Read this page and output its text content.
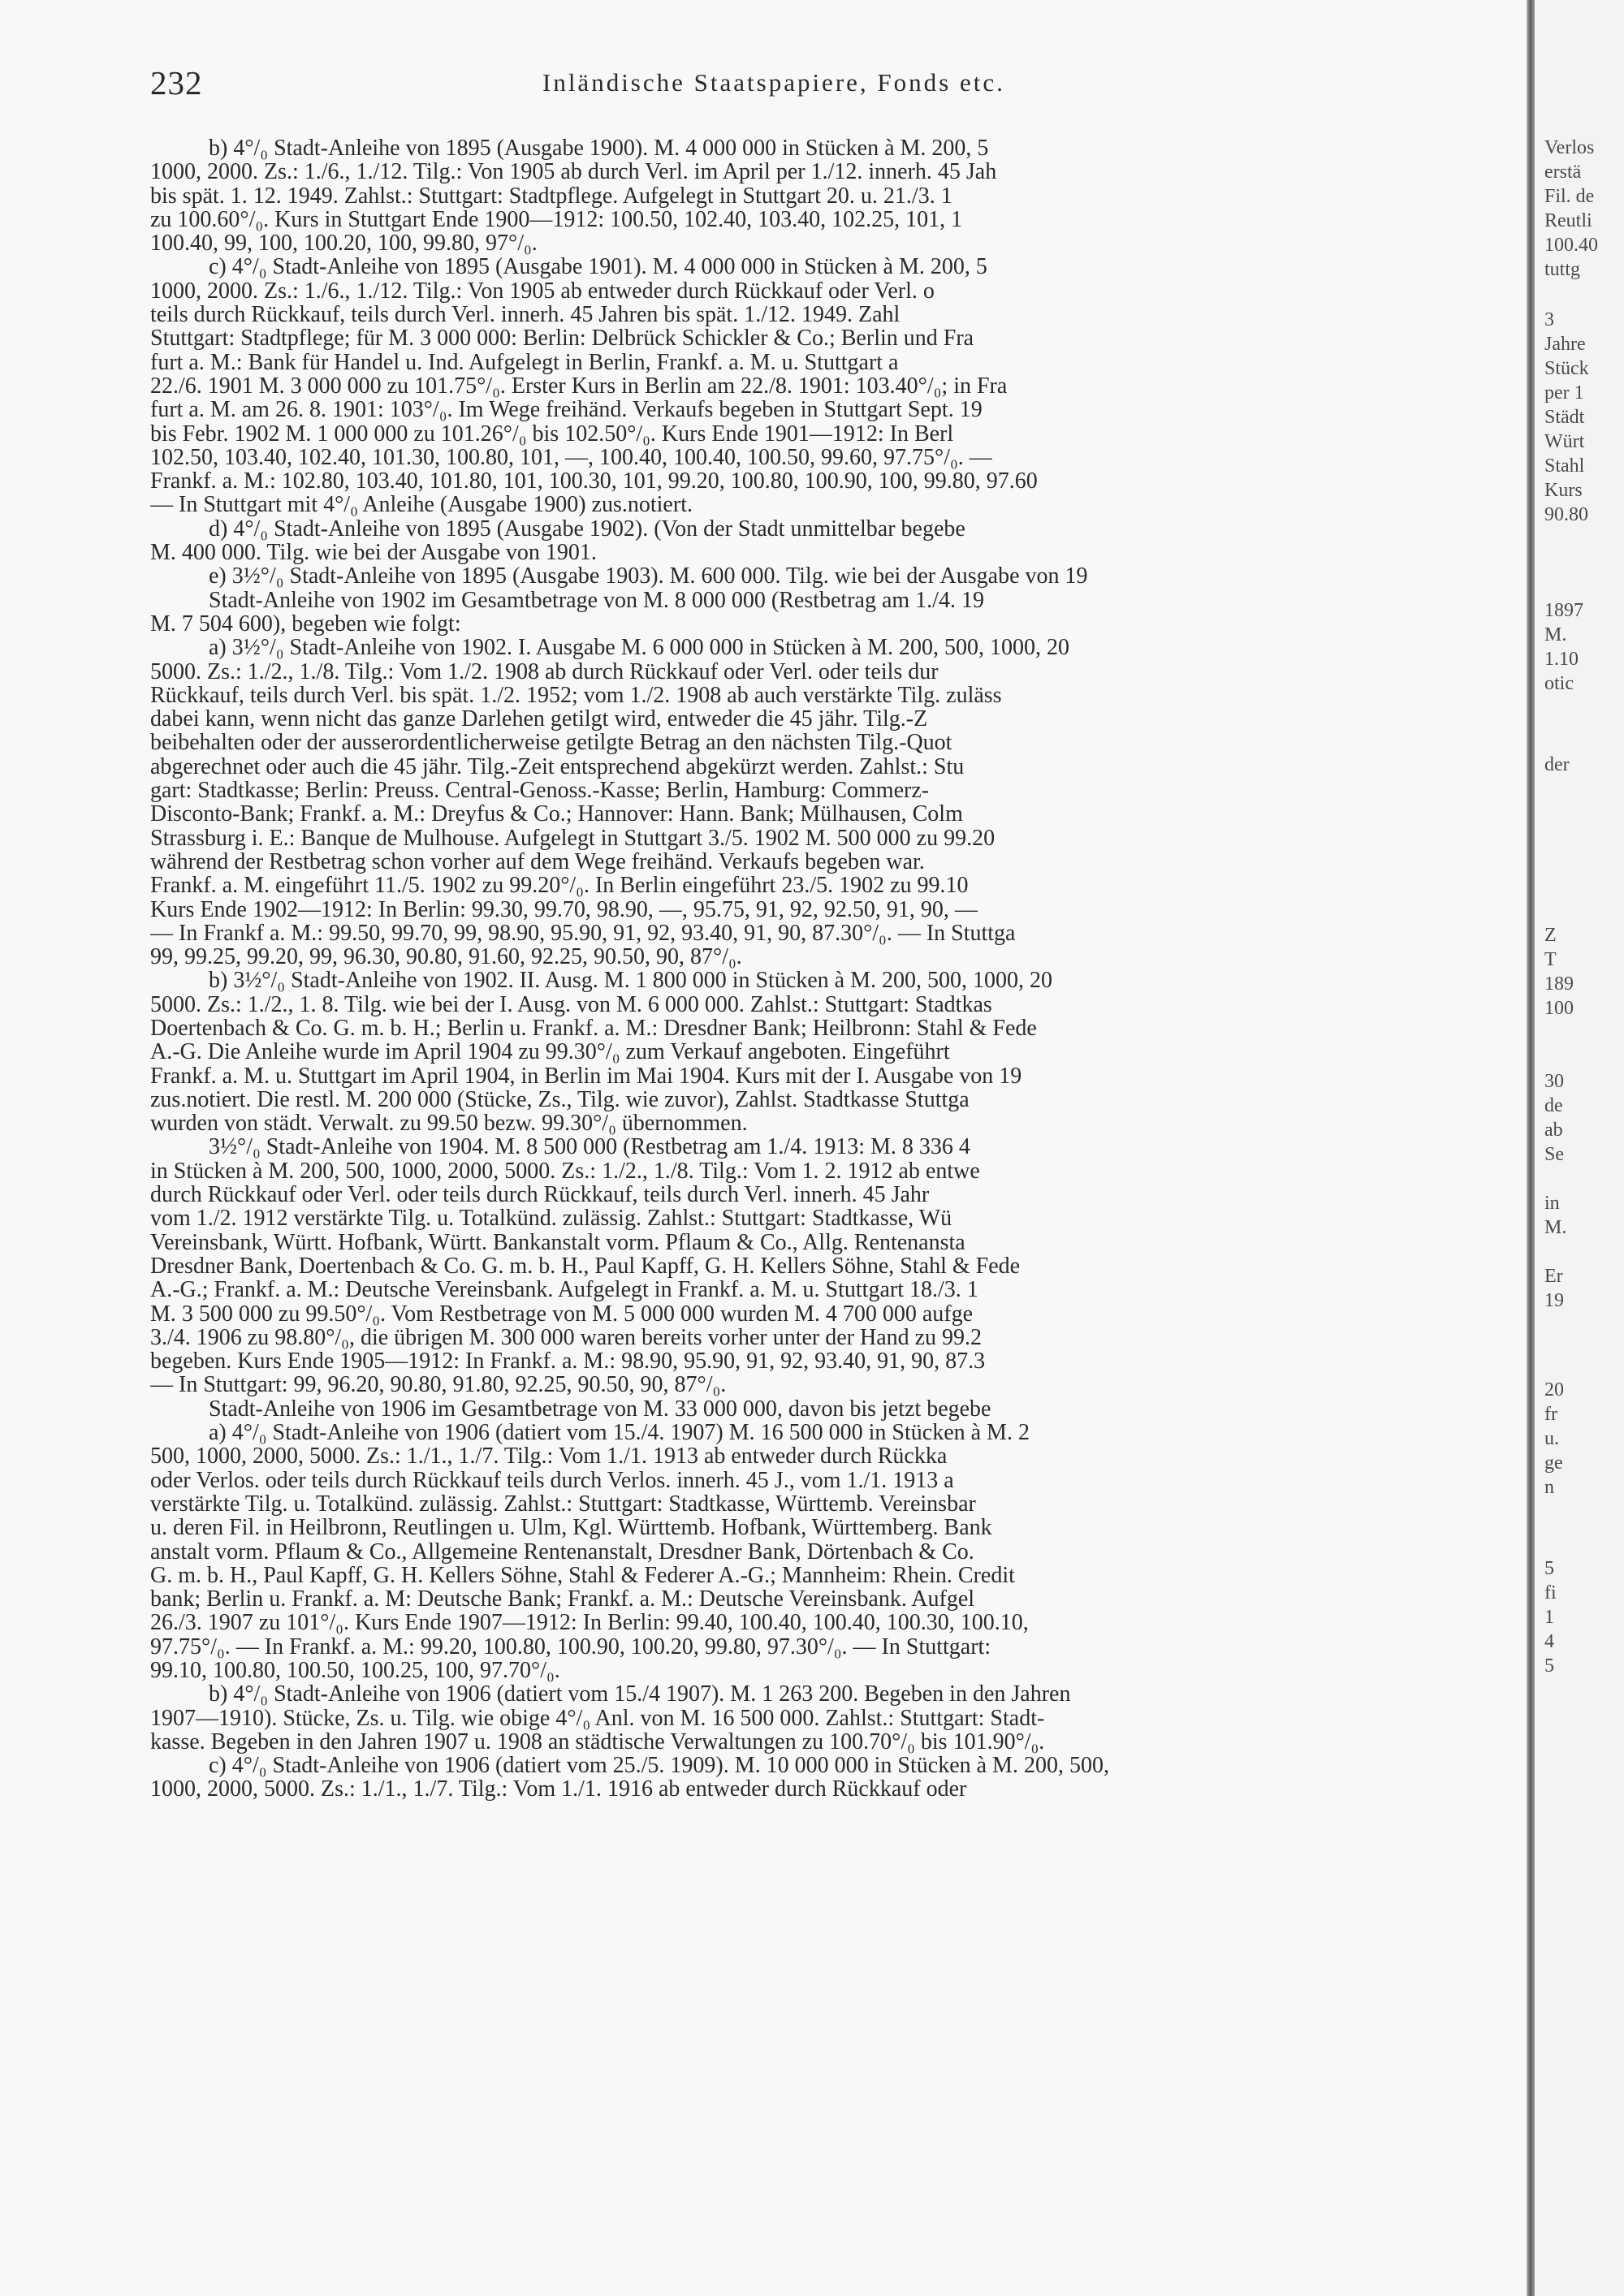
232	Inländische Staatspapiere, Fonds etc.
b) 4°/₀ Stadt-Anleihe von 1895 (Ausgabe 1900). M. 4 000 000 in Stücken à M. 200, 5
1000, 2000. Zs.: 1./6., 1./12. Tilg.: Von 1905 ab durch Verl. im April per 1./12. innerh. 45 Jah
bis spät. 1. 12. 1949. Zahlst.: Stuttgart: Stadtpflege. Aufgelegt in Stuttgart 20. u. 21./3. 1
zu 100.60°/₀. Kurs in Stuttgart Ende 1900—1912: 100.50, 102.40, 103.40, 102.25, 101, 1
100.40, 99, 100, 100.20, 100, 99.80, 97°/₀.
c) 4°/₀ Stadt-Anleihe von 1895 (Ausgabe 1901). M. 4 000 000 in Stücken à M. 200, 5
1000, 2000. Zs.: 1./6., 1./12. Tilg.: Von 1905 ab entweder durch Rückkauf oder Verl. o
teils durch Rückkauf, teils durch Verl. innerh. 45 Jahren bis spät. 1./12. 1949. Zahl
Stuttgart: Stadtpflege; für M. 3 000 000: Berlin: Delbrück Schickler & Co.; Berlin und Fra
furt a. M.: Bank für Handel u. Ind. Aufgelegt in Berlin, Frankf. a. M. u. Stuttgart a
22./6. 1901 M. 3 000 000 zu 101.75°/₀. Erster Kurs in Berlin am 22./8. 1901: 103.40°/₀; in Fra
furt a. M. am 26. 8. 1901: 103°/₀. Im Wege freihänd. Verkaufs begeben in Stuttgart Sept. 19
bis Febr. 1902 M. 1 000 000 zu 101.26°/₀ bis 102.50°/₀. Kurs Ende 1901—1912: In Berl
102.50, 103.40, 102.40, 101.30, 100.80, 101, —, 100.40, 100.40, 100.50, 99.60, 97.75°/₀. —
Frankf. a. M.: 102.80, 103.40, 101.80, 101, 100.30, 101, 99.20, 100.80, 100.90, 100, 99.80, 97.60
— In Stuttgart mit 4°/₀ Anleihe (Ausgabe 1900) zus.notiert.
d) 4°/₀ Stadt-Anleihe von 1895 (Ausgabe 1902). (Von der Stadt unmittelbar begebe
M. 400 000. Tilg. wie bei der Ausgabe von 1901.
e) 3½°/₀ Stadt-Anleihe von 1895 (Ausgabe 1903). M. 600 000. Tilg. wie bei der Ausgabe von 19
Stadt-Anleihe von 1902 im Gesamtbetrage von M. 8 000 000 (Restbetrag am 1./4. 19
M. 7 504 600), begeben wie folgt:
a) 3½°/₀ Stadt-Anleihe von 1902. I. Ausgabe M. 6 000 000 in Stücken à M. 200, 500, 1000, 20
5000. Zs.: 1./2., 1./8. Tilg.: Vom 1./2. 1908 ab durch Rückkauf oder Verl. oder teils dur
Rückkauf, teils durch Verl. bis spät. 1./2. 1952; vom 1./2. 1908 ab auch verstärkte Tilg. zuläss
dabei kann, wenn nicht das ganze Darlehen getilgt wird, entweder die 45 jähr. Tilg.-Z
beibehalten oder der ausserordentlicherweise getilgte Betrag an den nächsten Tilg.-Quot
abgerechnet oder auch die 45 jähr. Tilg.-Zeit entsprechend abgekürzt werden. Zahlst.: Stu
gart: Stadtkasse; Berlin: Preuss. Central-Genoss.-Kasse; Berlin, Hamburg: Commerz-
Disconto-Bank; Frankf. a. M.: Dreyfus & Co.; Hannover: Hann. Bank; Mülhausen, Colm
Strassburg i. E.: Banque de Mulhouse. Aufgelegt in Stuttgart 3./5. 1902 M. 500 000 zu 99.20
während der Restbetrag schon vorher auf dem Wege freihänd. Verkaufs begeben war.
Frankf. a. M. eingeführt 11./5. 1902 zu 99.20°/₀. In Berlin eingeführt 23./5. 1902 zu 99.10
Kurs Ende 1902—1912: In Berlin: 99.30, 99.70, 98.90, —, 95.75, 91, 92, 92.50, 91, 90, —
— In Frankf a. M.: 99.50, 99.70, 99, 98.90, 95.90, 91, 92, 93.40, 91, 90, 87.30°/₀. — In Stuttga
99, 99.25, 99.20, 99, 96.30, 90.80, 91.60, 92.25, 90.50, 90, 87°/₀.
b) 3½°/₀ Stadt-Anleihe von 1902. II. Ausg. M. 1 800 000 in Stücken à M. 200, 500, 1000, 20
5000. Zs.: 1./2., 1. 8. Tilg. wie bei der I. Ausg. von M. 6 000 000. Zahlst.: Stuttgart: Stadtkas
Doertenbach & Co. G. m. b. H.; Berlin u. Frankf. a. M.: Dresdner Bank; Heilbronn: Stahl & Fede
A.-G. Die Anleihe wurde im April 1904 zu 99.30°/₀ zum Verkauf angeboten. Eingeführt
Frankf. a. M. u. Stuttgart im April 1904, in Berlin im Mai 1904. Kurs mit der I. Ausgabe von 19
zus.notiert. Die restl. M. 200 000 (Stücke, Zs., Tilg. wie zuvor), Zahlst. Stadtkasse Stuttga
wurden von städt. Verwalt. zu 99.50 bezw. 99.30°/₀ übernommen.
3½°/₀ Stadt-Anleihe von 1904. M. 8 500 000 (Restbetrag am 1./4. 1913: M. 8 336 4
in Stücken à M. 200, 500, 1000, 2000, 5000. Zs.: 1./2., 1./8. Tilg.: Vom 1. 2. 1912 ab entwe
durch Rückkauf oder Verl. oder teils durch Rückkauf, teils durch Verl. innerh. 45 Jahr
vom 1./2. 1912 verstärkte Tilg. u. Totalkünd. zulässig. Zahlst.: Stuttgart: Stadtkasse, Wü
Vereinsbank, Württ. Hofbank, Württ. Bankanstalt vorm. Pflaum & Co., Allg. Rentenansta
Dresdner Bank, Doertenbach & Co. G. m. b. H., Paul Kapff, G. H. Kellers Söhne, Stahl & Fede
A.-G.; Frankf. a. M.: Deutsche Vereinsbank. Aufgelegt in Frankf. a. M. u. Stuttgart 18./3. 1
M. 3 500 000 zu 99.50°/₀. Vom Restbetrage von M. 5 000 000 wurden M. 4 700 000 aufge
3./4. 1906 zu 98.80°/₀, die übrigen M. 300 000 waren bereits vorher unter der Hand zu 99.2
begeben. Kurs Ende 1905—1912: In Frankf. a. M.: 98.90, 95.90, 91, 92, 93.40, 91, 90, 87.3
— In Stuttgart: 99, 96.20, 90.80, 91.80, 92.25, 90.50, 90, 87°/₀.
Stadt-Anleihe von 1906 im Gesamtbetrage von M. 33 000 000, davon bis jetzt begebe
a) 4°/₀ Stadt-Anleihe von 1906 (datiert vom 15./4. 1907) M. 16 500 000 in Stücken à M. 2
500, 1000, 2000, 5000. Zs.: 1./1., 1./7. Tilg.: Vom 1./1. 1913 ab entweder durch Rückka
oder Verlos. oder teils durch Rückkauf teils durch Verlos. innerh. 45 J., vom 1./1. 1913 a
verstärkte Tilg. u. Totalkünd. zulässig. Zahlst.: Stuttgart: Stadtkasse, Württemb. Vereinsbar
u. deren Fil. in Heilbronn, Reutlingen u. Ulm, Kgl. Württemb. Hofbank, Württemberg. Bank
anstalt vorm. Pflaum & Co., Allgemeine Rentenanstalt, Dresdner Bank, Dörtenbach & Co.
G. m. b. H., Paul Kapff, G. H. Kellers Söhne, Stahl & Federer A.-G.; Mannheim: Rhein. Credit
bank; Berlin u. Frankf. a. M: Deutsche Bank; Frankf. a. M.: Deutsche Vereinsbank. Aufgel
26./3. 1907 zu 101°/₀. Kurs Ende 1907—1912: In Berlin: 99.40, 100.40, 100.40, 100.30, 100.10,
97.75°/₀. — In Frankf. a. M.: 99.20, 100.80, 100.90, 100.20, 99.80, 97.30°/₀. — In Stuttgart:
99.10, 100.80, 100.50, 100.25, 100, 97.70°/₀.
b) 4°/₀ Stadt-Anleihe von 1906 (datiert vom 15./4 1907). M. 1 263 200. Begeben in den Jahren
1907—1910). Stücke, Zs. u. Tilg. wie obige 4°/₀ Anl. von M. 16 500 000. Zahlst.: Stuttgart: Stadt-
kasse. Begeben in den Jahren 1907 u. 1908 an städtische Verwaltungen zu 100.70°/₀ bis 101.90°/₀.
c) 4°/₀ Stadt-Anleihe von 1906 (datiert vom 25./5. 1909). M. 10 000 000 in Stücken à M. 200, 500,
1000, 2000, 5000. Zs.: 1./1., 1./7. Tilg.: Vom 1./1. 1916 ab entweder durch Rückkauf oder
Verlos
erstä
Fil. de
Reutli
100.40
tuttg
3
Jahre
Stück
per 1
Städt
Würt
Stahl
Kurs
90.80
1897
M.
1.10
otic
der
Z
T
189
100
30
de
ab
Se
in
M.
Er
19
20
fr
u.
ge
n
5
fi
1
4
5
